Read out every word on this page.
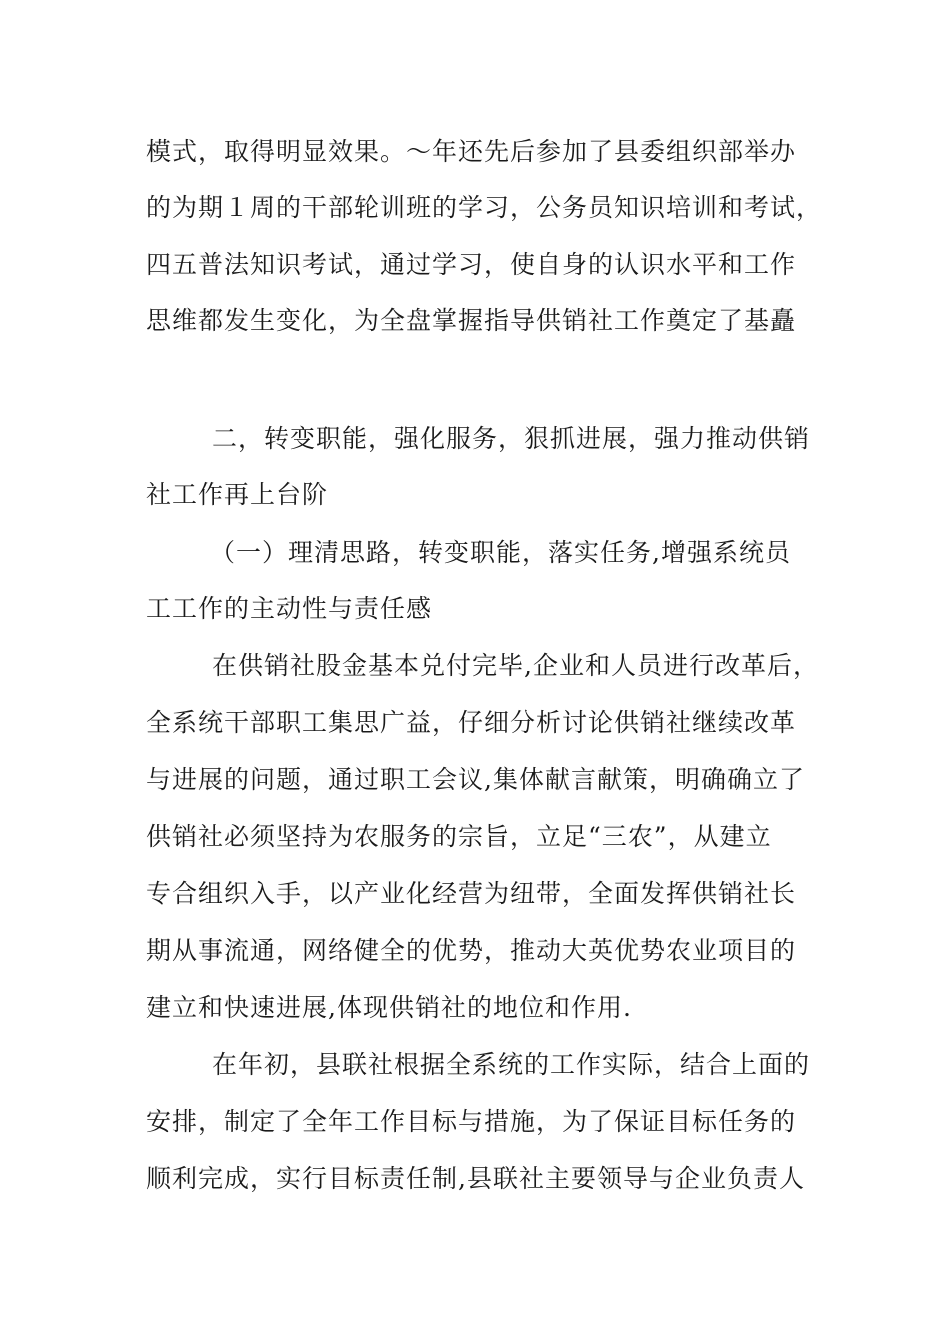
模式，取得明显效果。～年还先后参加了县委组织部举办
的为期１周的干部轮训班的学习，公务员知识培训和考试，
四五普法知识考试，通过学习，使自身的认识水平和工作
思维都发生变化，为全盘掌握指导供销社工作奠定了基矗
二，转变职能，强化服务，狠抓进展，强力推动供销
社工作再上台阶
（一）理清思路，转变职能，落实任务,增强系统员
工工作的主动性与责任感
在供销社股金基本兑付完毕,企业和人员进行改革后，
全系统干部职工集思广益，仔细分析讨论供销社继续改革
与进展的问题，通过职工会议,集体献言献策，明确确立了
供销社必须坚持为农服务的宗旨，立足“三农”，从建立
专合组织入手，以产业化经营为纽带，全面发挥供销社长
期从事流通，网络健全的优势，推动大英优势农业项目的
建立和快速进展,体现供销社的地位和作用.
在年初，县联社根据全系统的工作实际，结合上面的
安排，制定了全年工作目标与措施，为了保证目标任务的
顺利完成，实行目标责任制,县联社主要领导与企业负责人
